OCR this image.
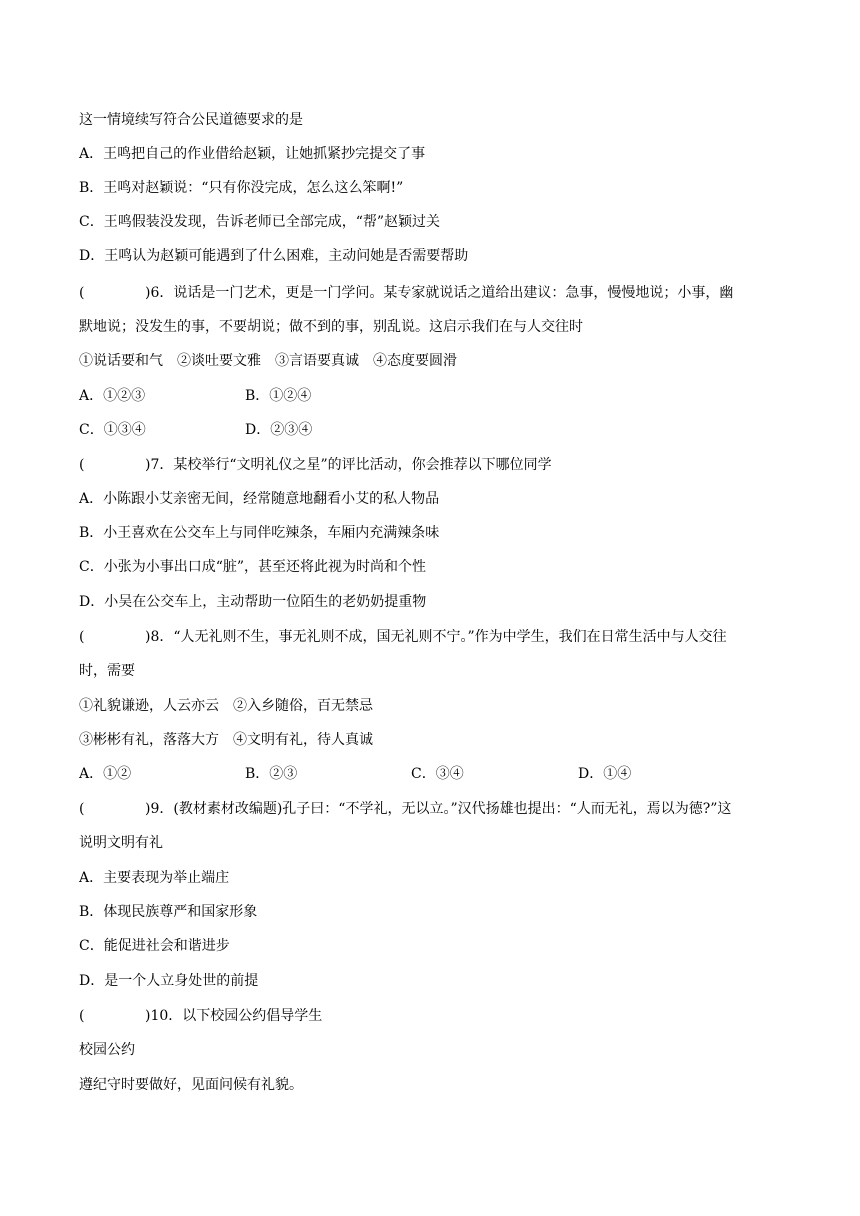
这一情境续写符合公民道德要求的是
A．王鸣把自己的作业借给赵颖，让她抓紧抄完提交了事
B．王鸣对赵颖说：“只有你没完成，怎么这么笨啊!”
C．王鸣假装没发现，告诉老师已全部完成，“帮”赵颖过关
D．王鸣认为赵颖可能遇到了什么困难，主动问她是否需要帮助
(	)6．说话是一门艺术，更是一门学问。某专家就说话之道给出建议：急事，慢慢地说；小事，幽
默地说；没发生的事，不要胡说；做不到的事，别乱说。这启示我们在与人交往时
①说话要和气　②谈吐要文雅　③言语要真诚　④态度要圆滑
A．①②③	B．①②④
C．①③④	D．②③④
(	)7．某校举行“文明礼仪之星”的评比活动，你会推荐以下哪位同学
A．小陈跟小艾亲密无间，经常随意地翻看小艾的私人物品
B．小王喜欢在公交车上与同伴吃辣条，车厢内充满辣条味
C．小张为小事出口成“脏”，甚至还将此视为时尚和个性
D．小吴在公交车上，主动帮助一位陌生的老奶奶提重物
(	)8．“人无礼则不生，事无礼则不成，国无礼则不宁。”作为中学生，我们在日常生活中与人交往
时，需要
①礼貌谦逊，人云亦云　②入乡随俗，百无禁忌
③彬彬有礼，落落大方　④文明有礼，待人真诚
A．①②	B．②③	C．③④	D．①④
(	)9．(教材素材改编题)孔子曰：“不学礼，无以立。”汉代扬雄也提出：“人而无礼，焉以为德?”这
说明文明有礼
A．主要表现为举止端庄
B．体现民族尊严和国家形象
C．能促进社会和谐进步
D．是一个人立身处世的前提
(	)10．以下校园公约倡导学生
校园公约
遵纪守时要做好，见面问候有礼貌。
